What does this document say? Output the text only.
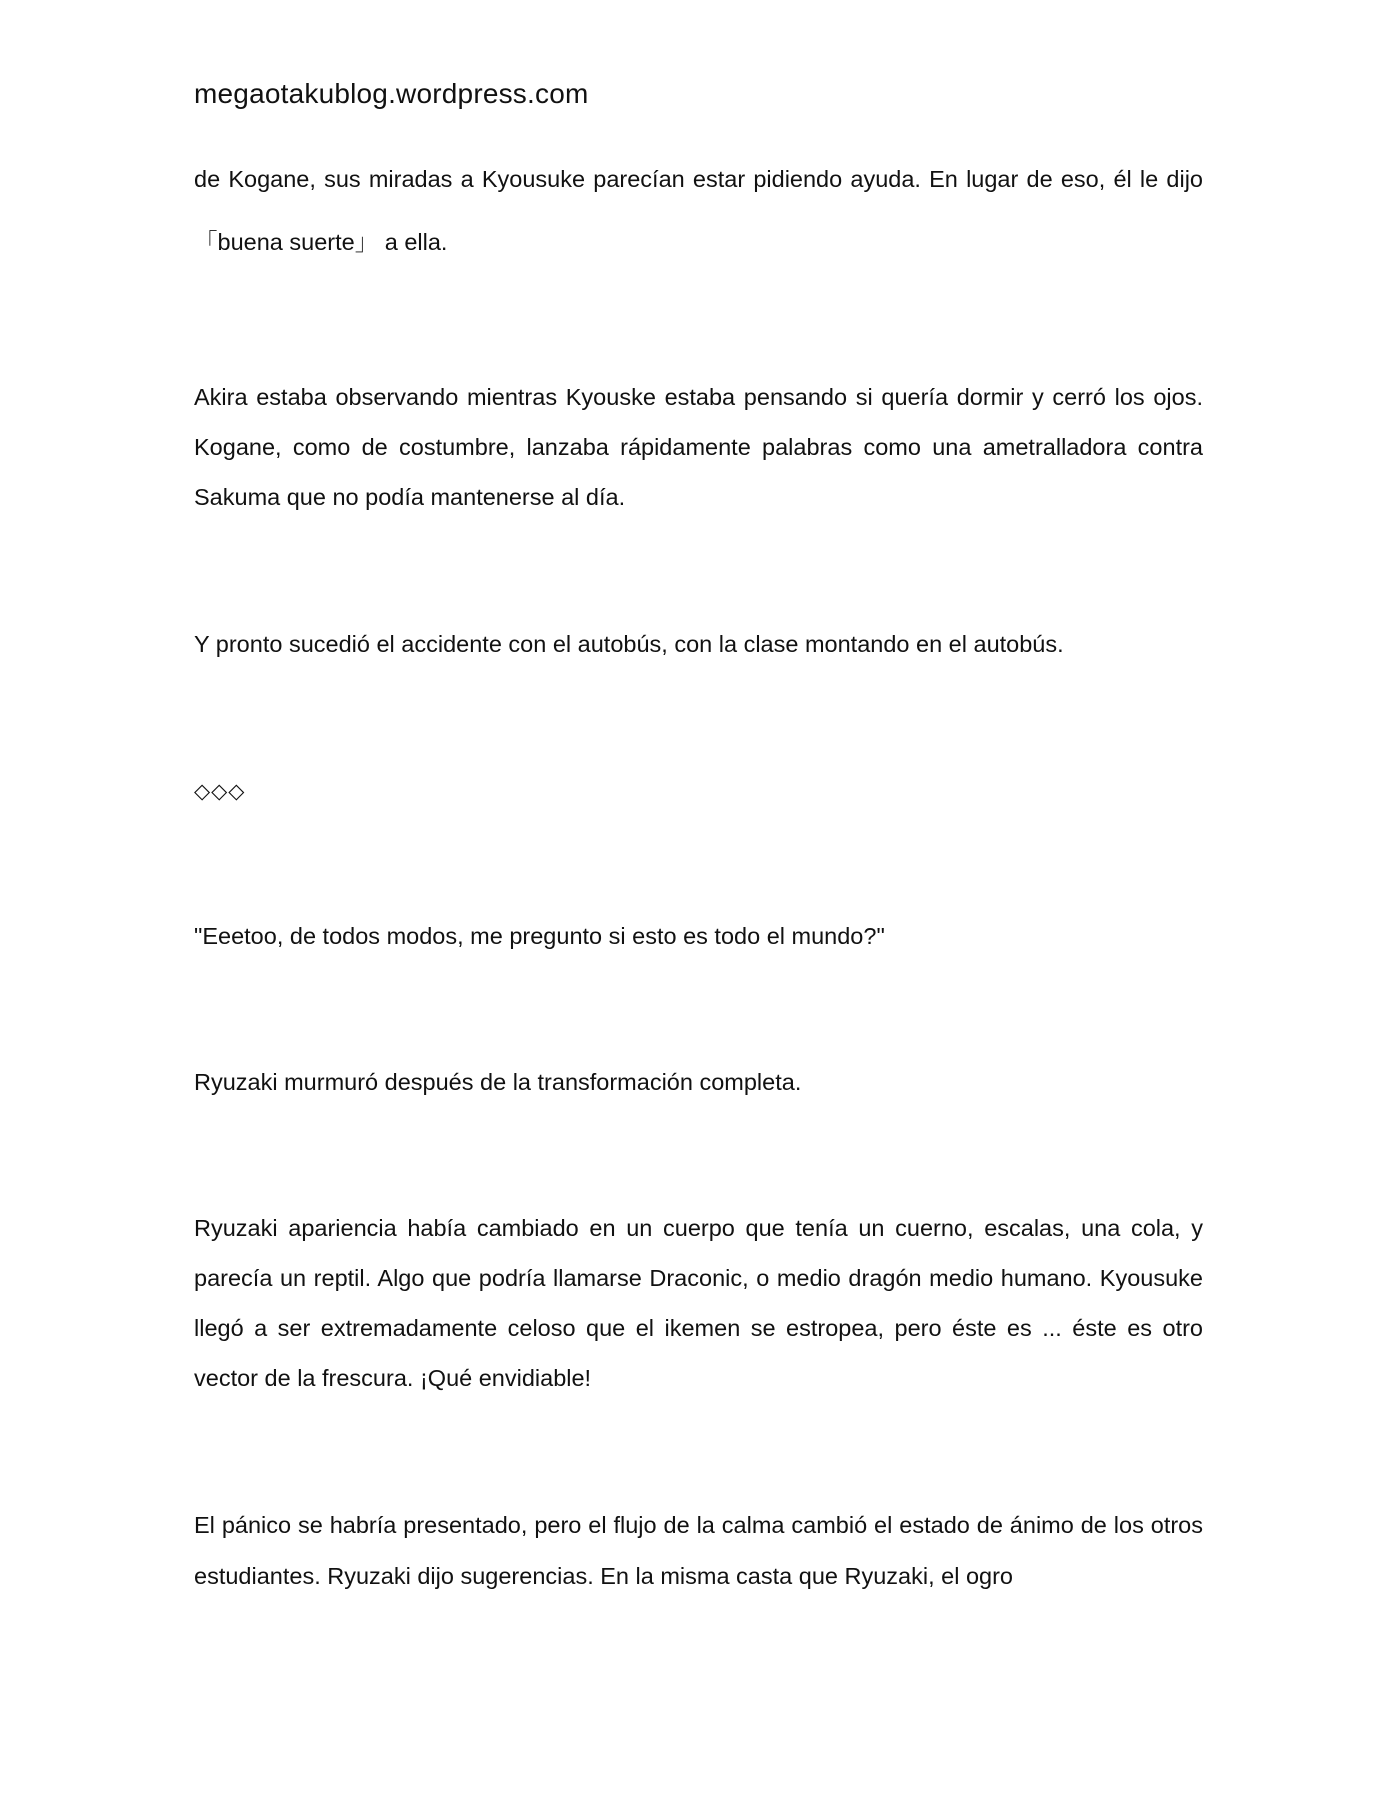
megaotakublog.wordpress.com

de Kogane, sus miradas a Kyousuke parecían estar pidiendo ayuda. En lugar de eso, él le dijo 「buena suerte」 a ella.

Akira estaba observando mientras Kyouske estaba pensando si quería dormir y cerró los ojos. Kogane, como de costumbre, lanzaba rápidamente palabras como una ametralladora contra Sakuma que no podía mantenerse al día.

Y pronto sucedió el accidente con el autobús, con la clase montando en el autobús.

◇◇◇

"Eeetoo, de todos modos, me pregunto si esto es todo el mundo?"

Ryuzaki murmuró después de la transformación completa.

Ryuzaki apariencia había cambiado en un cuerpo que tenía un cuerno, escalas, una cola, y parecía un reptil. Algo que podría llamarse Draconic, o medio dragón medio humano. Kyousuke llegó a ser extremadamente celoso que el ikemen se estropea, pero éste es ... éste es otro vector de la frescura. ¡Qué envidiable!

El pánico se habría presentado, pero el flujo de la calma cambió el estado de ánimo de los otros estudiantes. Ryuzaki dijo sugerencias. En la misma casta que Ryuzaki, el ogro
